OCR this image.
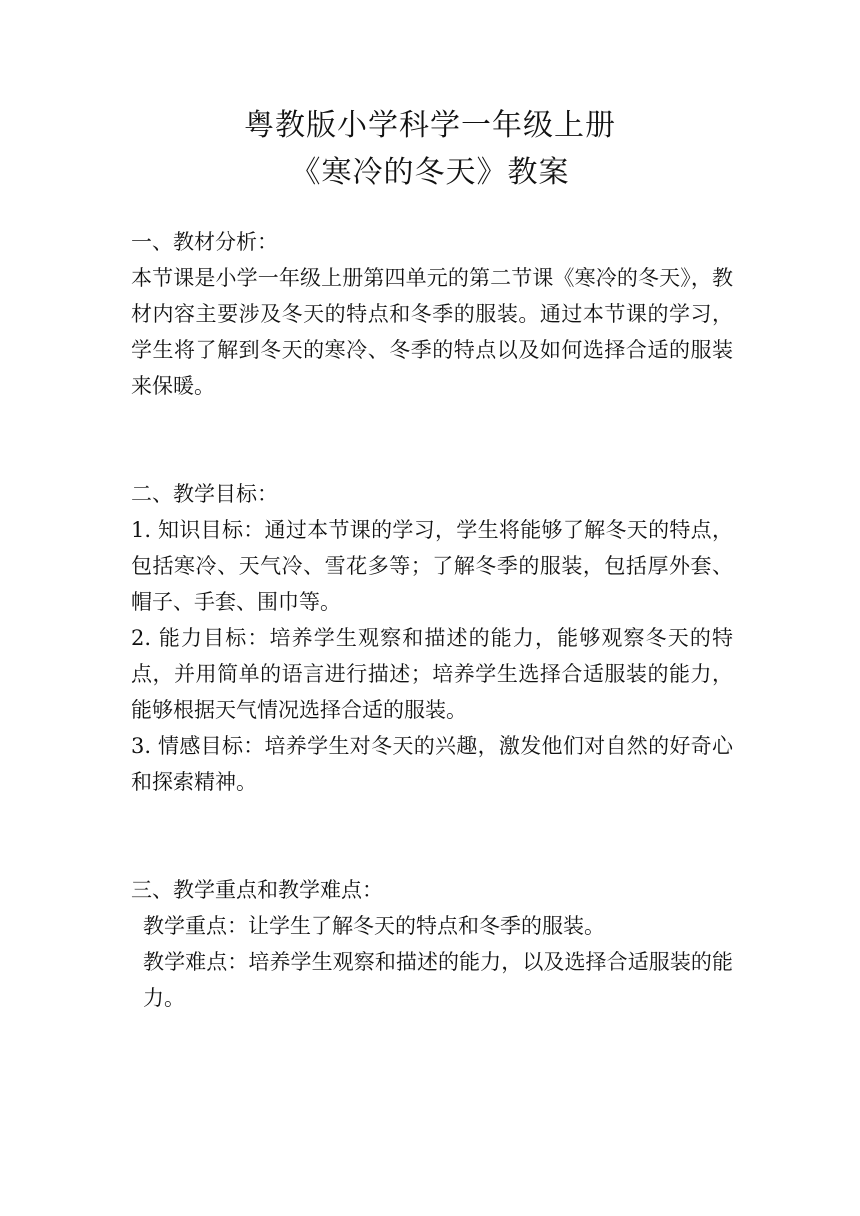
粤教版小学科学一年级上册
《寒冷的冬天》教案

一、教材分析：

本节课是小学一年级上册第四单元的第二节课《寒冷的冬天》，教材内容主要涉及冬天的特点和冬季的服装。通过本节课的学习，学生将了解到冬天的寒冷、冬季的特点以及如何选择合适的服装来保暖。

二、教学目标：

1. 知识目标：通过本节课的学习，学生将能够了解冬天的特点，包括寒冷、天气冷、雪花多等；了解冬季的服装，包括厚外套、帽子、手套、围巾等。

2. 能力目标：培养学生观察和描述的能力，能够观察冬天的特点，并用简单的语言进行描述；培养学生选择合适服装的能力，能够根据天气情况选择合适的服装。

3. 情感目标：培养学生对冬天的兴趣，激发他们对自然的好奇心和探索精神。

三、教学重点和教学难点：

教学重点：让学生了解冬天的特点和冬季的服装。

教学难点：培养学生观察和描述的能力，以及选择合适服装的能力。
